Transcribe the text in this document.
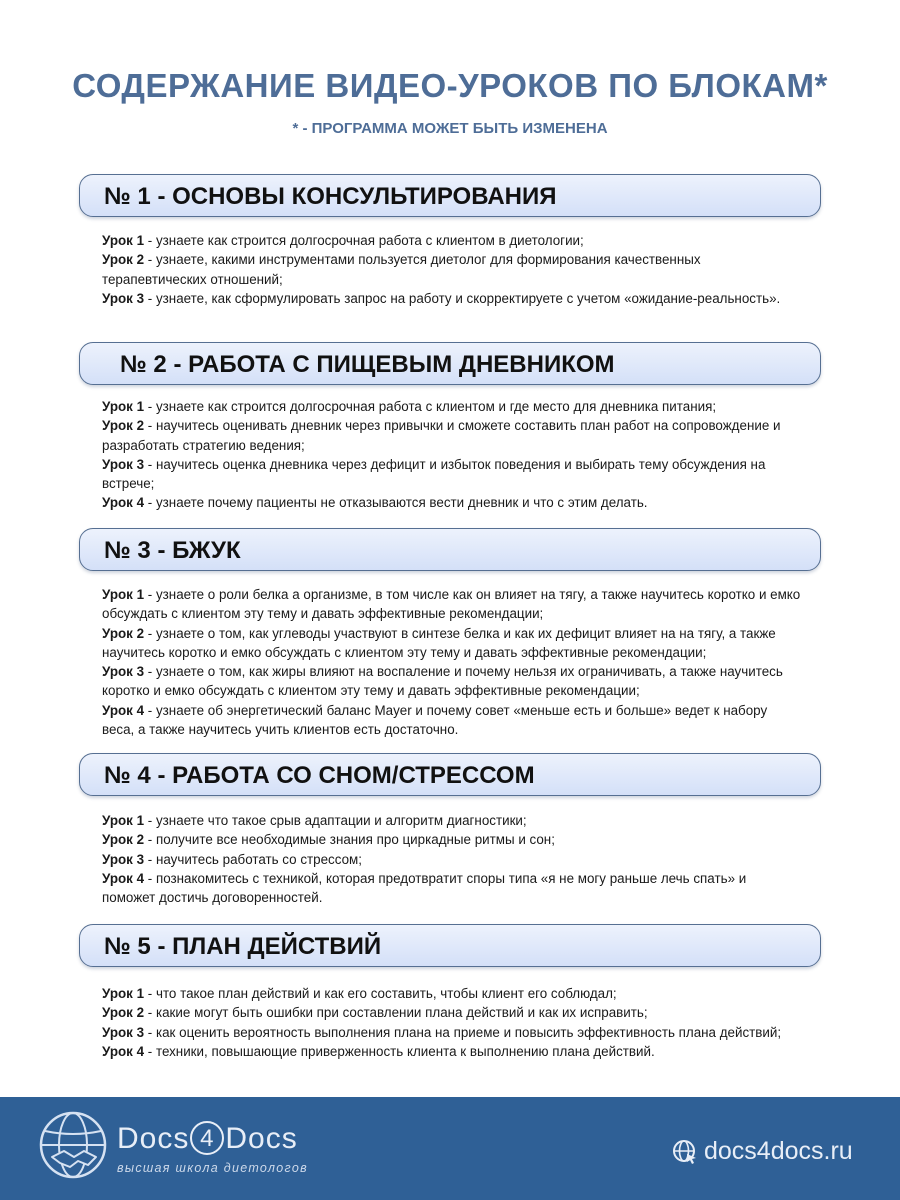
СОДЕРЖАНИЕ ВИДЕО-УРОКОВ ПО БЛОКАМ*
* - ПРОГРАММА МОЖЕТ БЫТЬ ИЗМЕНЕНА
№ 1 - ОСНОВЫ КОНСУЛЬТИРОВАНИЯ

Урок 1 - узнаете как строится долгосрочная работа с клиентом в диетологии;

Урок 2 - узнаете, какими инструментами пользуется диетолог для формирования качественных терапевтических отношений;

Урок 3 - узнаете, как сформулировать запрос на работу и скорректируете с учетом «ожидание-реальность».

№ 2 - РАБОТА С ПИЩЕВЫМ ДНЕВНИКОМ

Урок 1 - узнаете как строится долгосрочная работа с клиентом и где место для дневника питания;

Урок 2 - научитесь оценивать дневник через привычки и сможете составить план работ на сопровождение и разработать стратегию ведения;

Урок 3 - научитесь оценка дневника через дефицит и избыток поведения и выбирать тему обсуждения на встрече;

Урок 4 - узнаете почему пациенты не отказываются вести дневник и что с этим делать.

№ 3 - БЖУК

Урок 1 - узнаете о роли белка а организме, в том числе как он влияет на тягу, а также научитесь коротко и емко обсуждать с клиентом эту тему и давать эффективные рекомендации;

Урок 2 - узнаете о том, как углеводы участвуют в синтезе белка и как их дефицит влияет на на тягу, а также научитесь коротко и емко обсуждать с клиентом эту тему и давать эффективные рекомендации;

Урок 3 - узнаете о том, как жиры влияют на воспаление и почему нельзя их ограничивать, а также научитесь коротко и емко обсуждать с клиентом эту тему и давать эффективные рекомендации;

Урок 4 - узнаете об энергетический баланс Mayer и почему совет «меньше есть и больше» ведет к набору веса, а также научитесь учить клиентов есть достаточно.

№ 4 - РАБОТА СО СНОМ/СТРЕССОМ

Урок 1 - узнаете что такое срыв адаптации и алгоритм диагностики;

Урок 2 - получите все необходимые знания про циркадные ритмы и сон;

Урок 3 - научитесь работать со стрессом;

Урок 4 - познакомитесь с техникой, которая предотвратит споры типа «я не могу раньше лечь спать» и поможет достичь договоренностей.

№ 5 - ПЛАН ДЕЙСТВИЙ

Урок 1 - что такое план действий и как его составить, чтобы клиент его соблюдал;

Урок 2 - какие могут быть ошибки при составлении плана действий и как их исправить;

Урок 3 - как оценить вероятность выполнения плана на приеме и повысить эффективность плана действий;

Урок 4 - техники, повышающие приверженность клиента к выполнению плана действий.

Docs 4 Docs
высшая школа диетологов
docs4docs.ru
